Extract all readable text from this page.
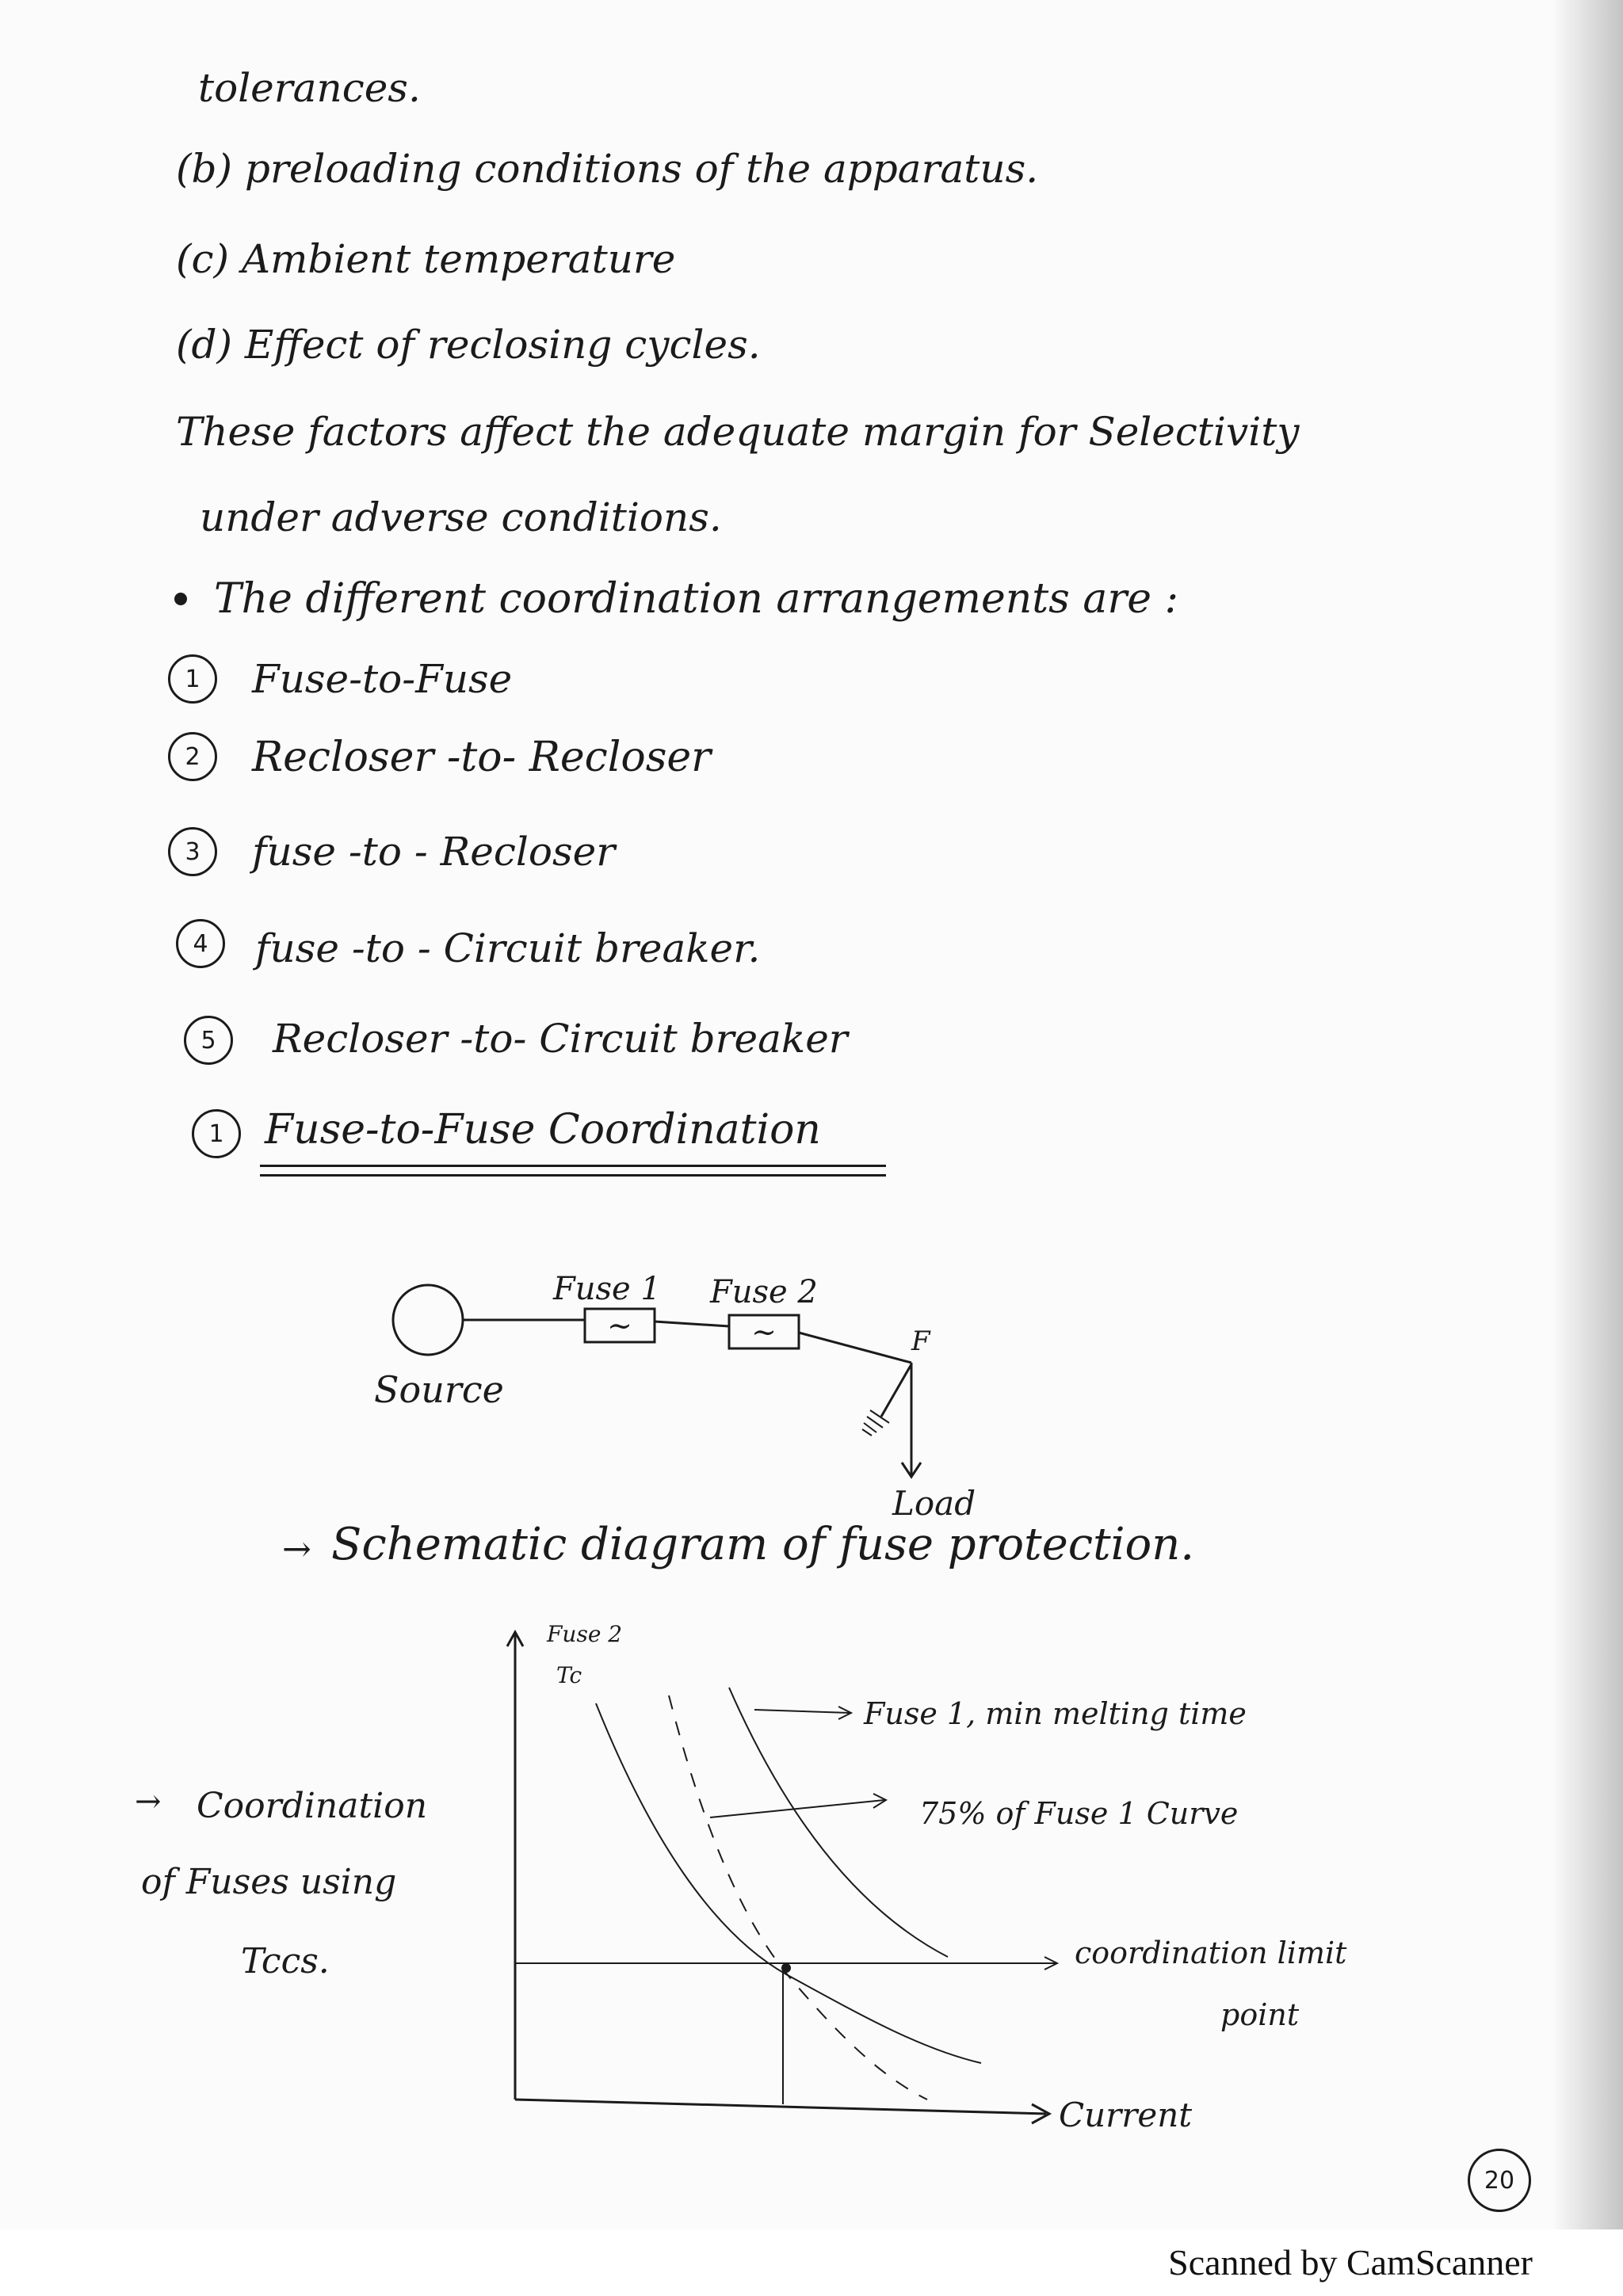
tolerances.
(b) preloading conditions of the apparatus.
(c) Ambient temperature
(d) Effect of reclosing cycles.
These factors affect the adequate margin for Selectivity
under adverse conditions.
The different coordination arrangements are :
1	Fuse-to-Fuse
2	Recloser -to- Recloser
3	fuse -to - Recloser
4	fuse -to - Circuit breaker.
5	Recloser -to- Circuit breaker
1 Fuse-to-Fuse Coordination
~	~
Fuse 1 Fuse 2
F
Source
Load
→ Schematic diagram of fuse protection.
Fuse 2
Tc
Fuse 1, min melting time
75% of Fuse 1 Curve
coordination limit
point
Current
→ Coordination
of Fuses using
Tccs.
20
Scanned by CamScanner
